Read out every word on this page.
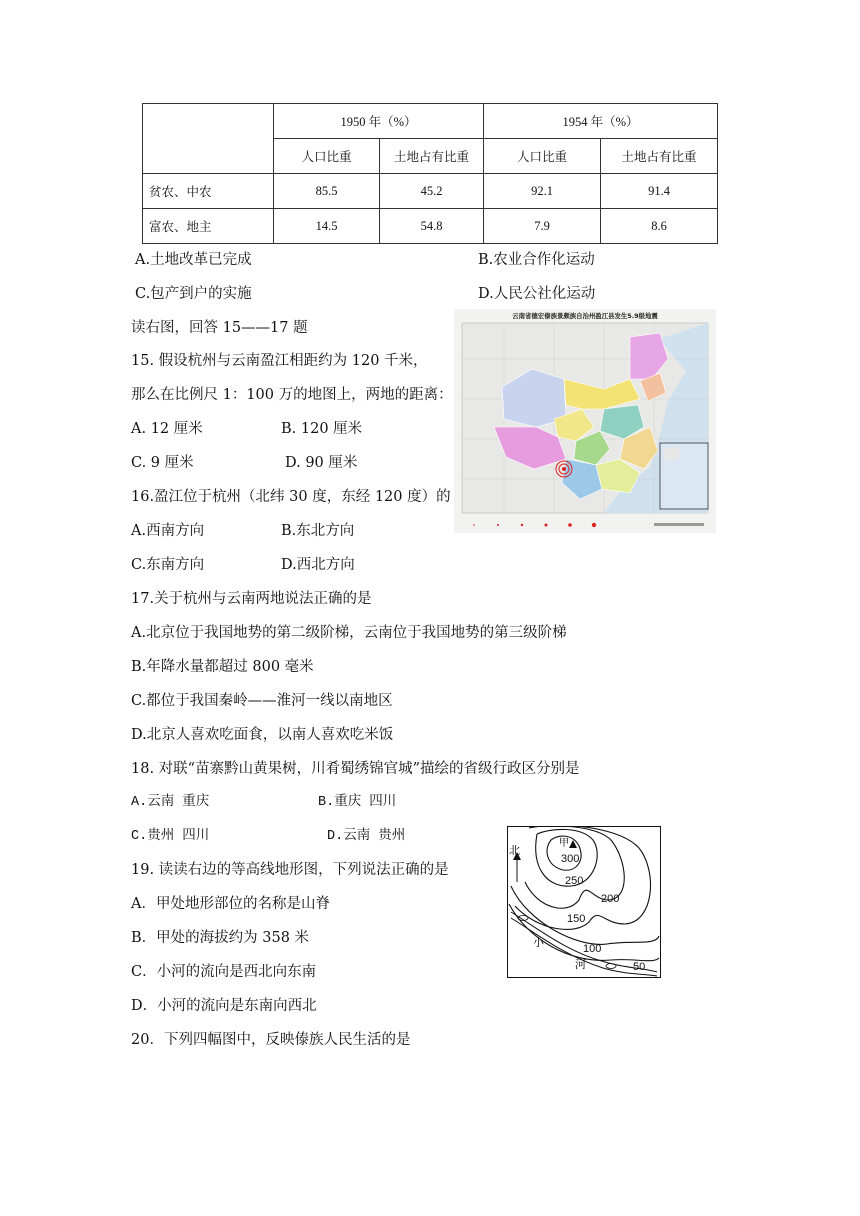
	1950 年（%）		1954 年（%）	
	人口比重	土地占有比重	人口比重	土地占有比重
贫农、中农	85.5	45.2	92.1	91.4
富农、地主	14.5	54.8	7.9	8.6
A.土地改革已完成	B.农业合作化运动
C.包产到户的实施	D.人民公社化运动
读右图，回答 15——17 题
15. 假设杭州与云南盈江相距约为 120 千米，
那么在比例尺 1：100 万的地图上，两地的距离：
A. 12 厘米	B. 120 厘米
C. 9 厘米	D. 90 厘米
16.盈江位于杭州（北纬 30 度，东经 120 度）的
A.西南方向	B.东北方向
C.东南方向	D.西北方向
17.关于杭州与云南两地说法正确的是
A.北京位于我国地势的第二级阶梯，云南位于我国地势的第三级阶梯
B.年降水量都超过 800 毫米
C.都位于我国秦岭——淮河一线以南地区
D.北京人喜欢吃面食，以南人喜欢吃米饭
18. 对联“苗寨黔山黄果树，川肴蜀绣锦官城”描绘的省级行政区分别是
A.云南 重庆	B.重庆 四川
C.贵州 四川	D.云南 贵州
19. 读读右边的等高线地形图，下列说法正确的是
A．甲处地形部位的名称是山脊
B．甲处的海拔约为 358 米
C．小河的流向是西北向东南
D．小河的流向是东南向西北
20．下列四幅图中，反映傣族人民生活的是
云南省德宏傣族景颇族自治州盈江县发生5.9级地震
北
甲
300
250
200
150
100
50
小
河
